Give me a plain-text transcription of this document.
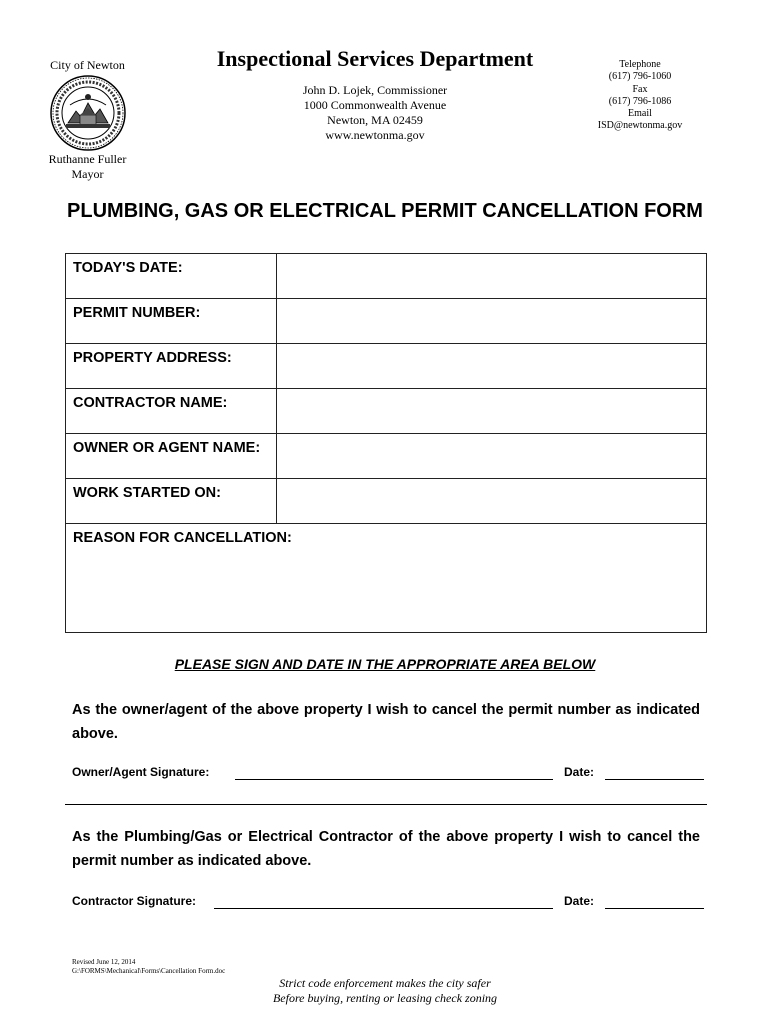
City of Newton
Ruthanne Fuller
Mayor
Inspectional Services Department
John D. Lojek, Commissioner
1000 Commonwealth Avenue
Newton, MA 02459
www.newtonma.gov
Telephone
(617) 796-1060
Fax
(617) 796-1086
Email
ISD@newtonma.gov
PLUMBING, GAS OR ELECTRICAL PERMIT CANCELLATION FORM
TODAY'S DATE:	

PERMIT NUMBER:	

PROPERTY ADDRESS:	

CONTRACTOR NAME:	

OWNER OR AGENT NAME:	

WORK STARTED ON:	

REASON FOR CANCELLATION:	
PLEASE SIGN AND DATE IN THE APPROPRIATE AREA BELOW
As the owner/agent of the above property I wish to cancel the permit number as indicated above.
Owner/Agent Signature:	Date:
As the Plumbing/Gas or Electrical Contractor of the above property I wish to cancel the permit number as indicated above.
Contractor Signature:	Date:
Revised June 12, 2014
G:\FORMS\Mechanical\Forms\Cancellation Form.doc
Strict code enforcement makes the city safer
Before buying, renting or leasing check zoning
